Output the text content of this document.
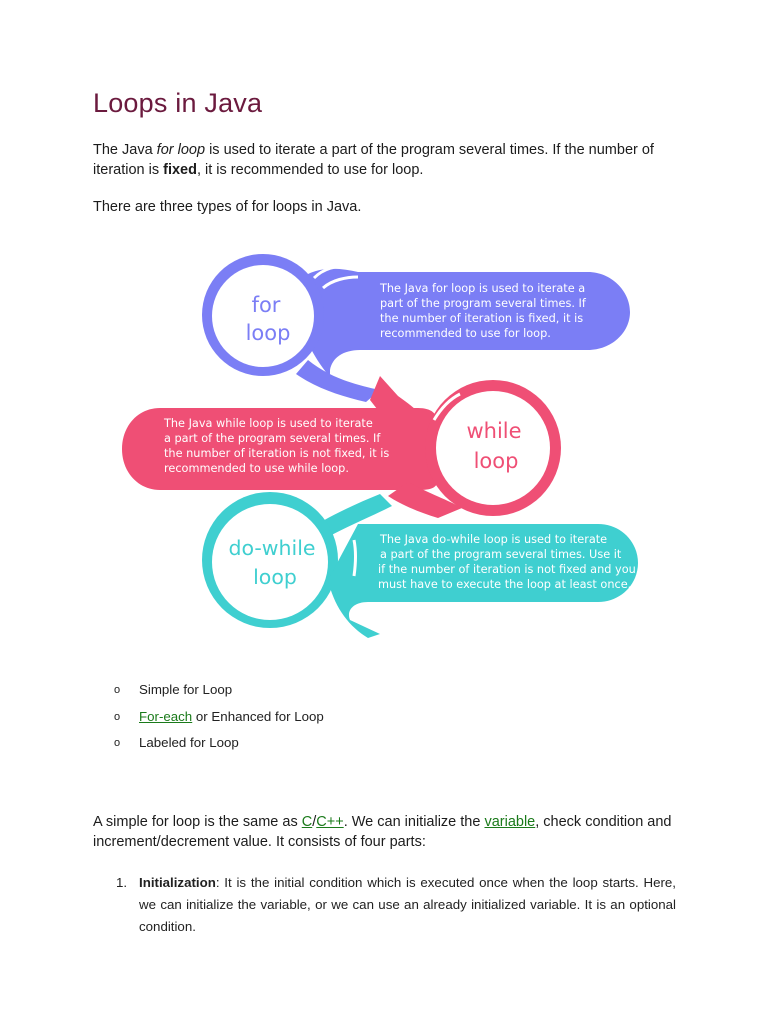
Loops in Java

The Java for loop is used to iterate a part of the program several times. If the number of iteration is fixed, it is recommended to use for loop.

There are three types of for loops in Java.

for
loop
The Java for loop is used to iterate a part of the program several times. If the number of iteration is fixed, it is recommended to use for loop.
while
loop
The Java while loop is used to iterate a part of the program several times. If the number of iteration is not fixed, it is recommended to use while loop.
do-while
loop
The Java do-while loop is used to iterate a part of the program several times. Use it if the number of iteration is not fixed and you must have to execute the loop at least once.
o Simple for Loop
o For-each or Enhanced for Loop
o Labeled for Loop

A simple for loop is the same as C/C++. We can initialize the variable, check condition and increment/decrement value. It consists of four parts:

1. Initialization: It is the initial condition which is executed once when the loop starts. Here, we can initialize the variable, or we can use an already initialized variable. It is an optional condition.
